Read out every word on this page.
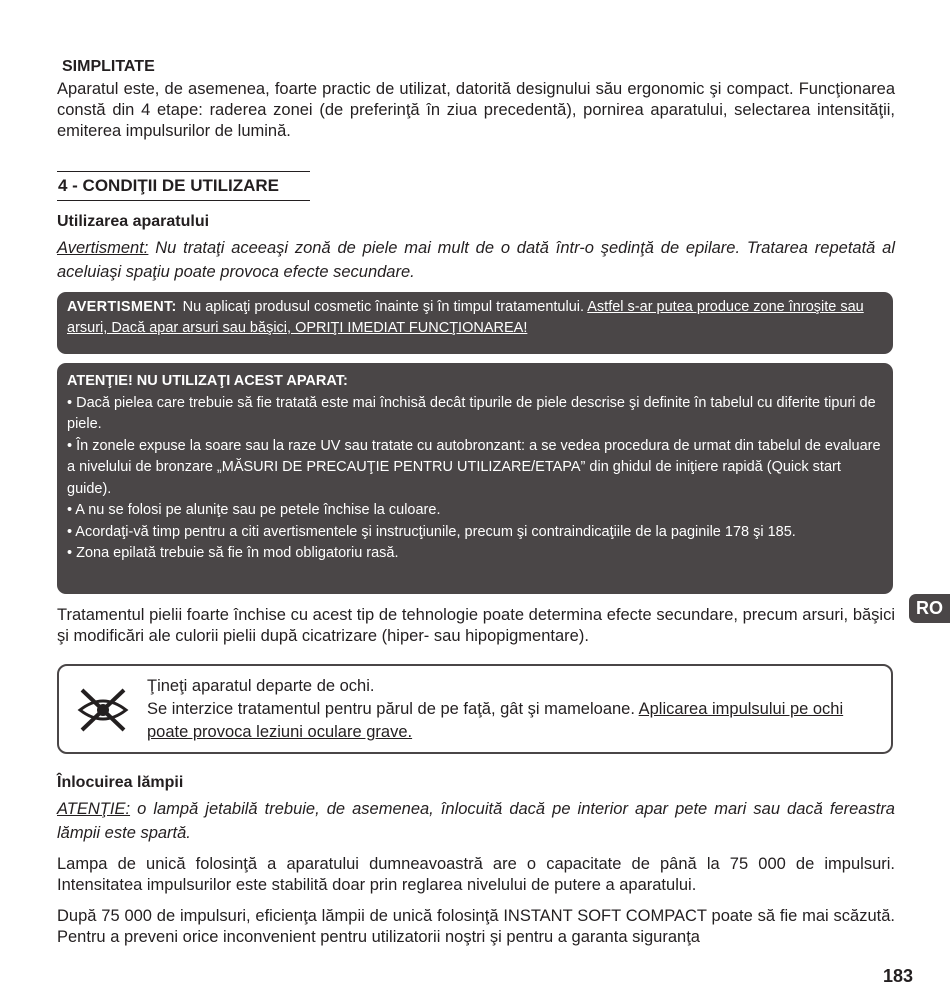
SIMPLITATE

Aparatul este, de asemenea, foarte practic de utilizat, datorită designului său ergonomic şi compact. Funcţionarea constă din 4 etape: raderea zonei (de preferinţă în ziua precedentă), pornirea aparatului, selectarea intensităţii, emiterea impulsurilor de lumină.

4 - CONDIŢII DE UTILIZARE
Utilizarea aparatului
Avertisment: Nu trataţi aceeaşi zonă de piele mai mult de o dată într-o şedinţă de epilare. Tratarea repetată al aceluiaşi spaţiu poate provoca efecte secundare.
AVERTISMENT: Nu aplicaţi produsul cosmetic înainte şi în timpul tratamentului. Astfel s-ar putea produce zone înroşite sau arsuri, Dacă apar arsuri sau băşici, OPRIŢI IMEDIAT FUNCŢIONAREA!
ATENŢIE! NU UTILIZAŢI ACEST APARAT:
• Dacă pielea care trebuie să fie tratată este mai închisă decât tipurile de piele descrise şi definite în tabelul cu diferite tipuri de piele.
• În zonele expuse la soare sau la raze UV sau tratate cu autobronzant: a se vedea procedura de urmat din tabelul de evaluare a nivelului de bronzare „MĂSURI DE PRECAUŢIE PENTRU UTILIZARE/ETAPA” din ghidul de iniţiere rapidă (Quick start guide).
• A nu se folosi pe aluniţe sau pe petele închise la culoare.
• Acordaţi-vă timp pentru a citi avertismentele şi instrucţiunile, precum şi contraindicaţiile de la paginile 178 şi 185.
• Zona epilată trebuie să fie în mod obligatoriu rasă.
RO

Tratamentul pielii foarte închise cu acest tip de tehnologie poate determina efecte secundare, precum arsuri, băşici şi modificări ale culorii pielii după cicatrizare (hiper- sau hipopigmentare).

Ţineţi aparatul departe de ochi.

Se interzice tratamentul pentru părul de pe faţă, gât şi mameloane. Aplicarea impulsului pe ochi poate provoca leziuni oculare grave.

Înlocuirea lămpii
ATENŢIE: o lampă jetabilă trebuie, de asemenea, înlocuită dacă pe interior apar pete mari sau dacă fereastra lămpii este spartă.

Lampa de unică folosinţă a aparatului dumneavoastră are o capacitate de până la 75 000 de impulsuri. Intensitatea impulsurilor este stabilită doar prin reglarea nivelului de putere a aparatului.

După 75 000 de impulsuri, eficienţa lămpii de unică folosinţă INSTANT SOFT COMPACT poate să fie mai scăzută. Pentru a preveni orice inconvenient pentru utilizatorii noştri şi pentru a garanta siguranţa

183
